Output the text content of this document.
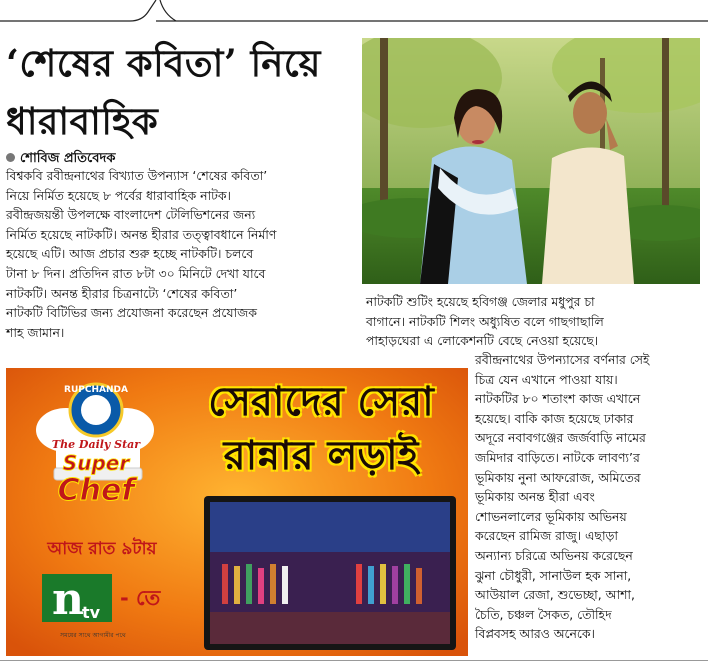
‘শেষের কবিতা’ নিয়ে
ধারাবাহিক
শোবিজ প্রতিবেদক
বিশ্বকবি রবীন্দ্রনাথের বিখ্যাত উপন্যাস ‘শেষের কবিতা’
নিয়ে নির্মিত হয়েছে ৮ পর্বের ধারাবাহিক নাটক।
রবীন্দ্রজয়ন্তী উপলক্ষে বাংলাদেশ টেলিভিশনের জন্য
নির্মিত হয়েছে নাটকটি। অনন্ত হীরার তত্ত্বাবধানে নির্মাণ
হয়েছে এটি। আজ প্রচার শুরু হচ্ছে নাটকটি। চলবে
টানা ৮ দিন। প্রতিদিন রাত ৮টা ৩০ মিনিটে দেখা যাবে
নাটকটি। অনন্ত হীরার চিত্রনাট্যে ‘শেষের কবিতা’
নাটকটি বিটিভির জন্য প্রযোজনা করেছেন প্রযোজক
শাহ জামান।
নাটকটি শুটিং হয়েছে হবিগঞ্জ জেলার মধুপুর চা
বাগানে। নাটকটি শিলং অধ্যুষিত বলে গাছগাছালি
পাহাড়ঘেরা এ লোকেশনটি বেছে নেওয়া হয়েছে।
রবীন্দ্রনাথের উপন্যাসের বর্ণনার সেই
চিত্র যেন এখানে পাওয়া যায়।
নাটকটির ৮০ শতাংশ কাজ এখানে
হয়েছে। বাকি কাজ হয়েছে ঢাকার
অদূরে নবাবগঞ্জের জর্জবাড়ি নামের
জমিদার বাড়িতে। নাটকে লাবণ্য’র
ভূমিকায় নুনা আফরোজ, অমিতের
ভূমিকায় অনন্ত হীরা এবং
শোভনলালের ভূমিকায় অভিনয়
করেছেন রামিজ রাজু। এছাড়া
অন্যান্য চরিত্রে অভিনয় করেছেন
ঝুনা চৌধুরী, সানাউল হক সানা,
আউয়াল রেজা, শুভেচ্ছা, আশা,
চৈতি, চঞ্চল সৈকত, তৌহিদ
বিপ্লবসহ আরও অনেকে।
n
tv
RUPCHANDA
The Daily Star
Super
Chef
সেরাদের সেরা
রান্নার লড়াই
আজ রাত ৯টায়
- তে
সময়ের সাথে আগামীর পথে
